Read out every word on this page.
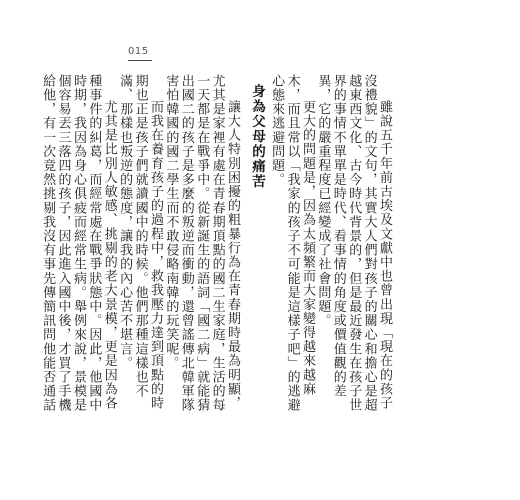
015

雖說五千年前古埃及文獻中也曾出現「現在的孩子沒禮貌」的文句，其實大人們對孩子的關心和擔心是超越東西文化、古今時代背景的，但是最近發生在孩子世界的事情不單單是時代、看事情的角度或價值觀的差異，它的嚴重程度已經變成了社會問題。

更大的問題是，因為太頻繁而大家變得越來越麻木，而且常以「我家的孩子不可能是這樣子吧」的逃避心態來逃避問題。

身為父母的痛苦

讓大人特別困擾的粗暴行為在青春期時最為明顯，尤其是家裡有處在青春期頂點的國二生家庭，生活的每一天都是在戰爭中。從新誕生的語詞「國二病」就能猜出國二的孩子是多麼的叛逆而衝動，還曾謠傳北韓軍隊害怕韓國的國二學生而不敢侵略南韓的玩笑呢。

而我在養育孩子的過程中，救我壓力達到頂點的時期也正是孩子們就讀國中的時候。他們那種這樣也不滿、那樣也叛逆的態度，讓我的內心苦不堪言。

尤其是比別人敏感、挑剔的老大景模，更是因為各種事件的糾葛，而經常處在戰爭狀態中。因此，他國中時期，我因為身心俱疲而經常生病。舉例來說，景模是個容易丟三落四的孩子，因此進入國中後，才買了手機給他，有一次竟然挑剔我沒有事先傳簡訊問他能否通話
